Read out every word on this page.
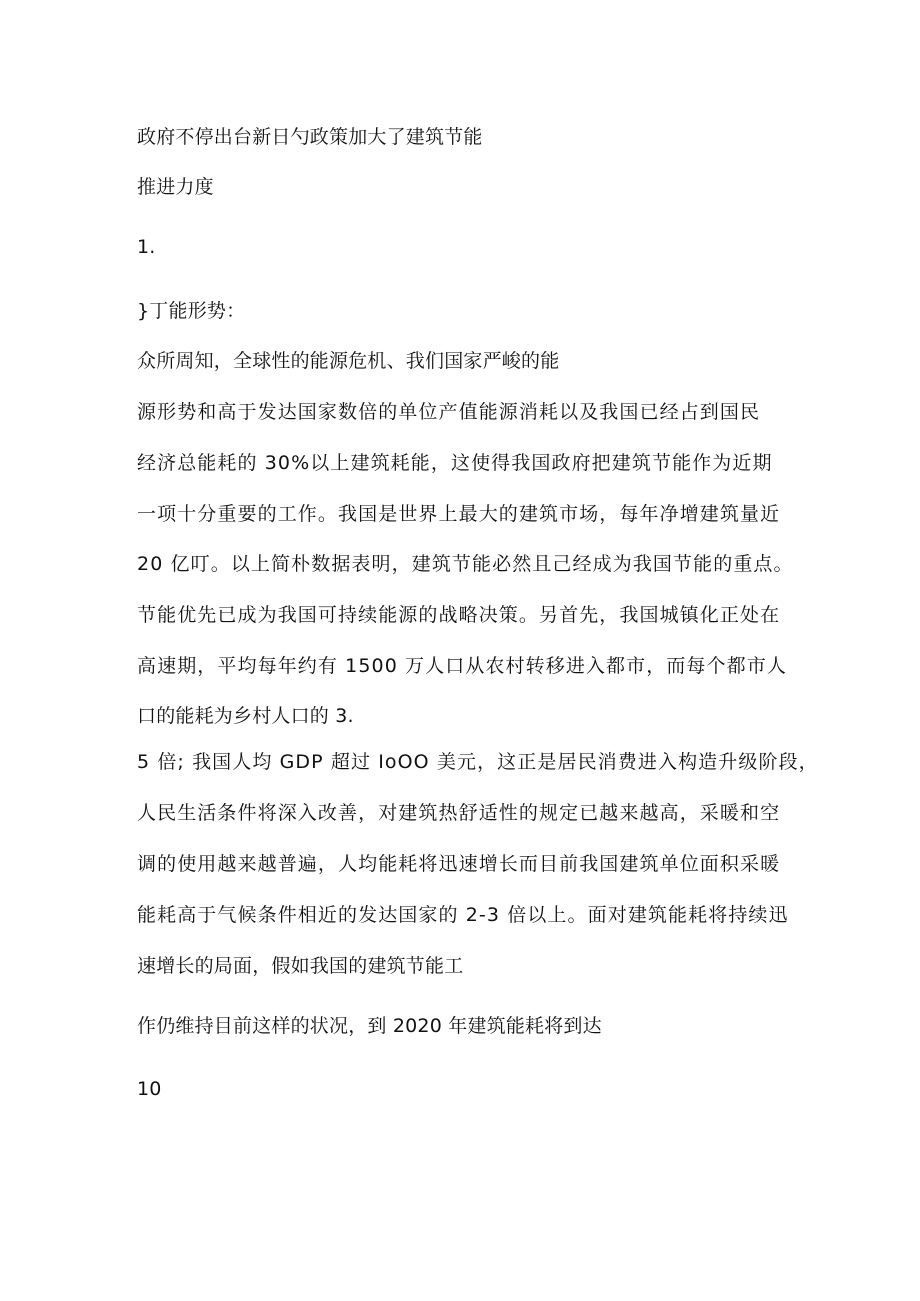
政府不停出台新日勺政策加大了建筑节能
推进力度
1.
}丁能形势：
众所周知，全球性的能源危机、我们国家严峻的能
源形势和高于发达国家数倍的单位产值能源消耗以及我国已经占到国民
经济总能耗的 30%以上建筑耗能，这使得我国政府把建筑节能作为近期
一项十分重要的工作。我国是世界上最大的建筑市场，每年净增建筑量近
20 亿叮。以上简朴数据表明，建筑节能必然且己经成为我国节能的重点。
节能优先已成为我国可持续能源的战略决策。另首先，我国城镇化正处在
高速期，平均每年约有 1500 万人口从农村转移进入都市，而每个都市人
口的能耗为乡村人口的 3.
5 倍; 我国人均 GDP 超过 IoOO 美元，这正是居民消费进入构造升级阶段，
人民生活条件将深入改善，对建筑热舒适性的规定已越来越高，采暖和空
调的使用越来越普遍，人均能耗将迅速增长而目前我国建筑单位面积采暖
能耗高于气候条件相近的发达国家的 2-3 倍以上。面对建筑能耗将持续迅
速增长的局面，假如我国的建筑节能工
作仍维持目前这样的状况，到 2020 年建筑能耗将到达
10
